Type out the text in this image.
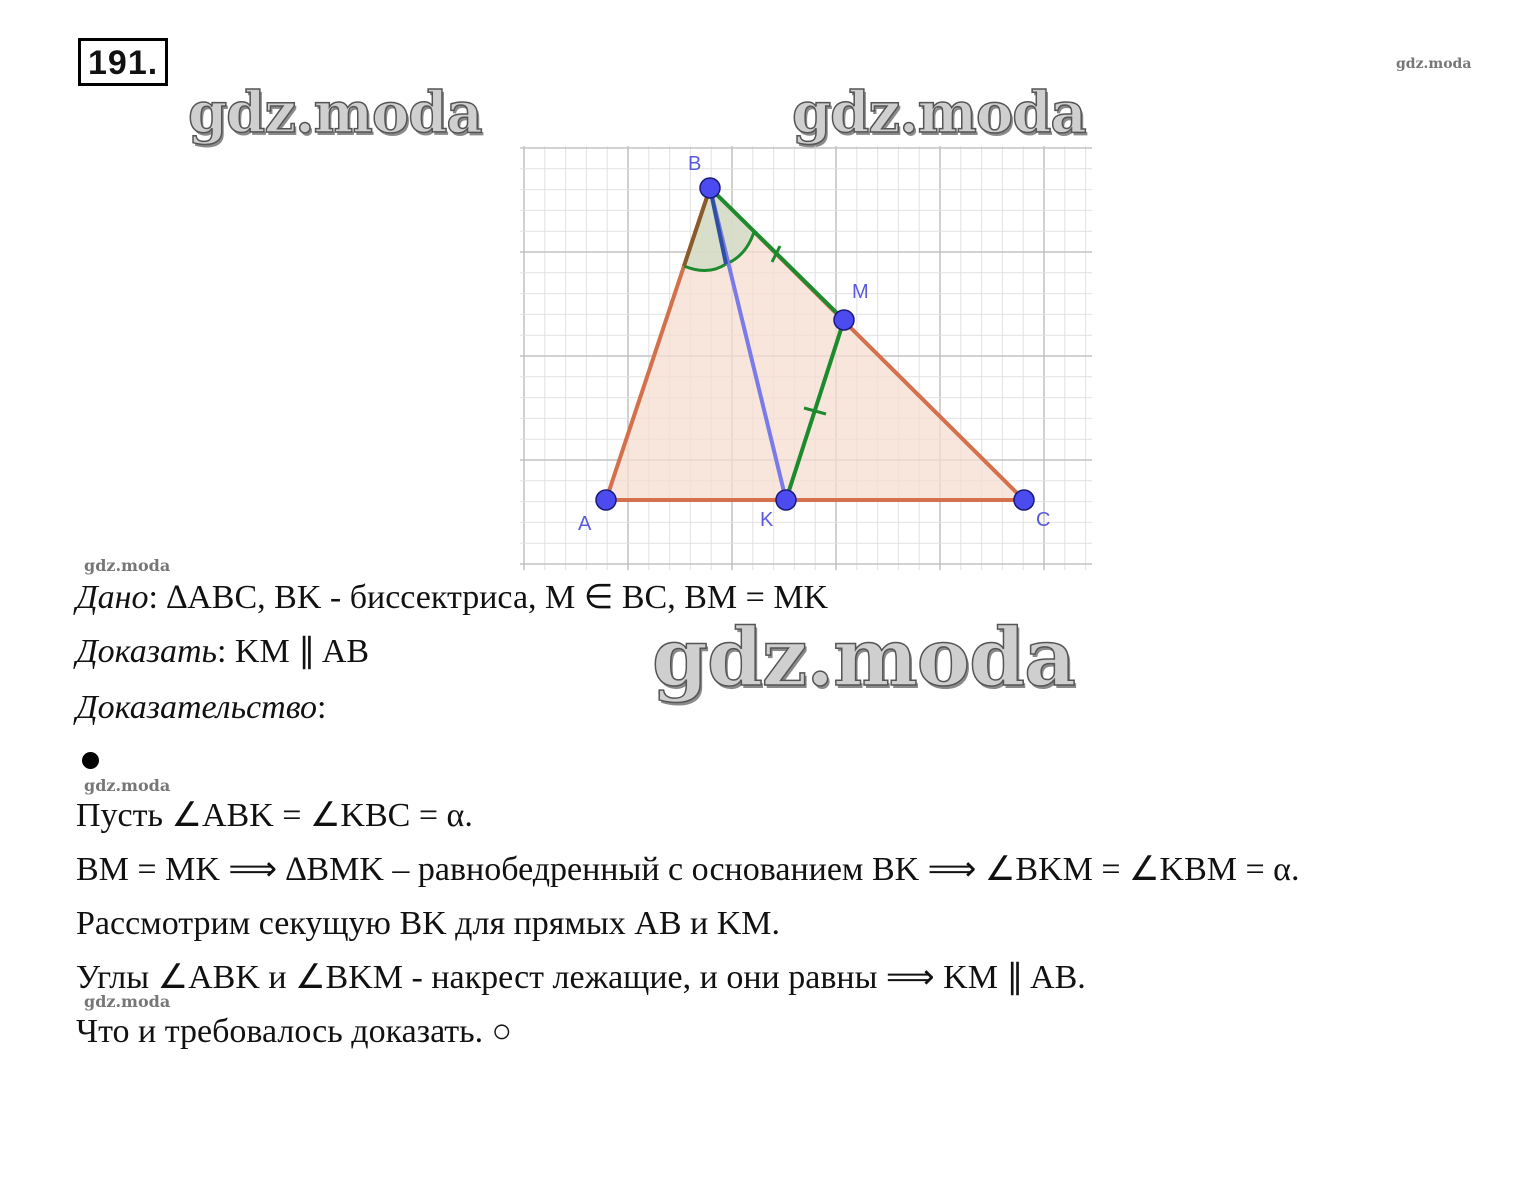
191.
gdz.moda	gdz.moda
gdz.moda
B
M
A	K	C
gdz.moda
Дано: ∆ABC, BK - биссектриса, M ∈ BC, BM = MK
Доказать: KM ∥ AB	gdz.moda
Доказательство:
gdz.moda
Пусть ∠ABK = ∠KBC = α.
BM = MK ⟹ ∆BMK – равнобедренный с основанием BK ⟹ ∠BKM = ∠KBM = α.
Рассмотрим секущую BK для прямых AB и KM.
Углы ∠ABK и ∠BKM - накрест лежащие, и они равны ⟹ KM ∥ AB.
gdz.moda
Что и требовалось доказать. ○
